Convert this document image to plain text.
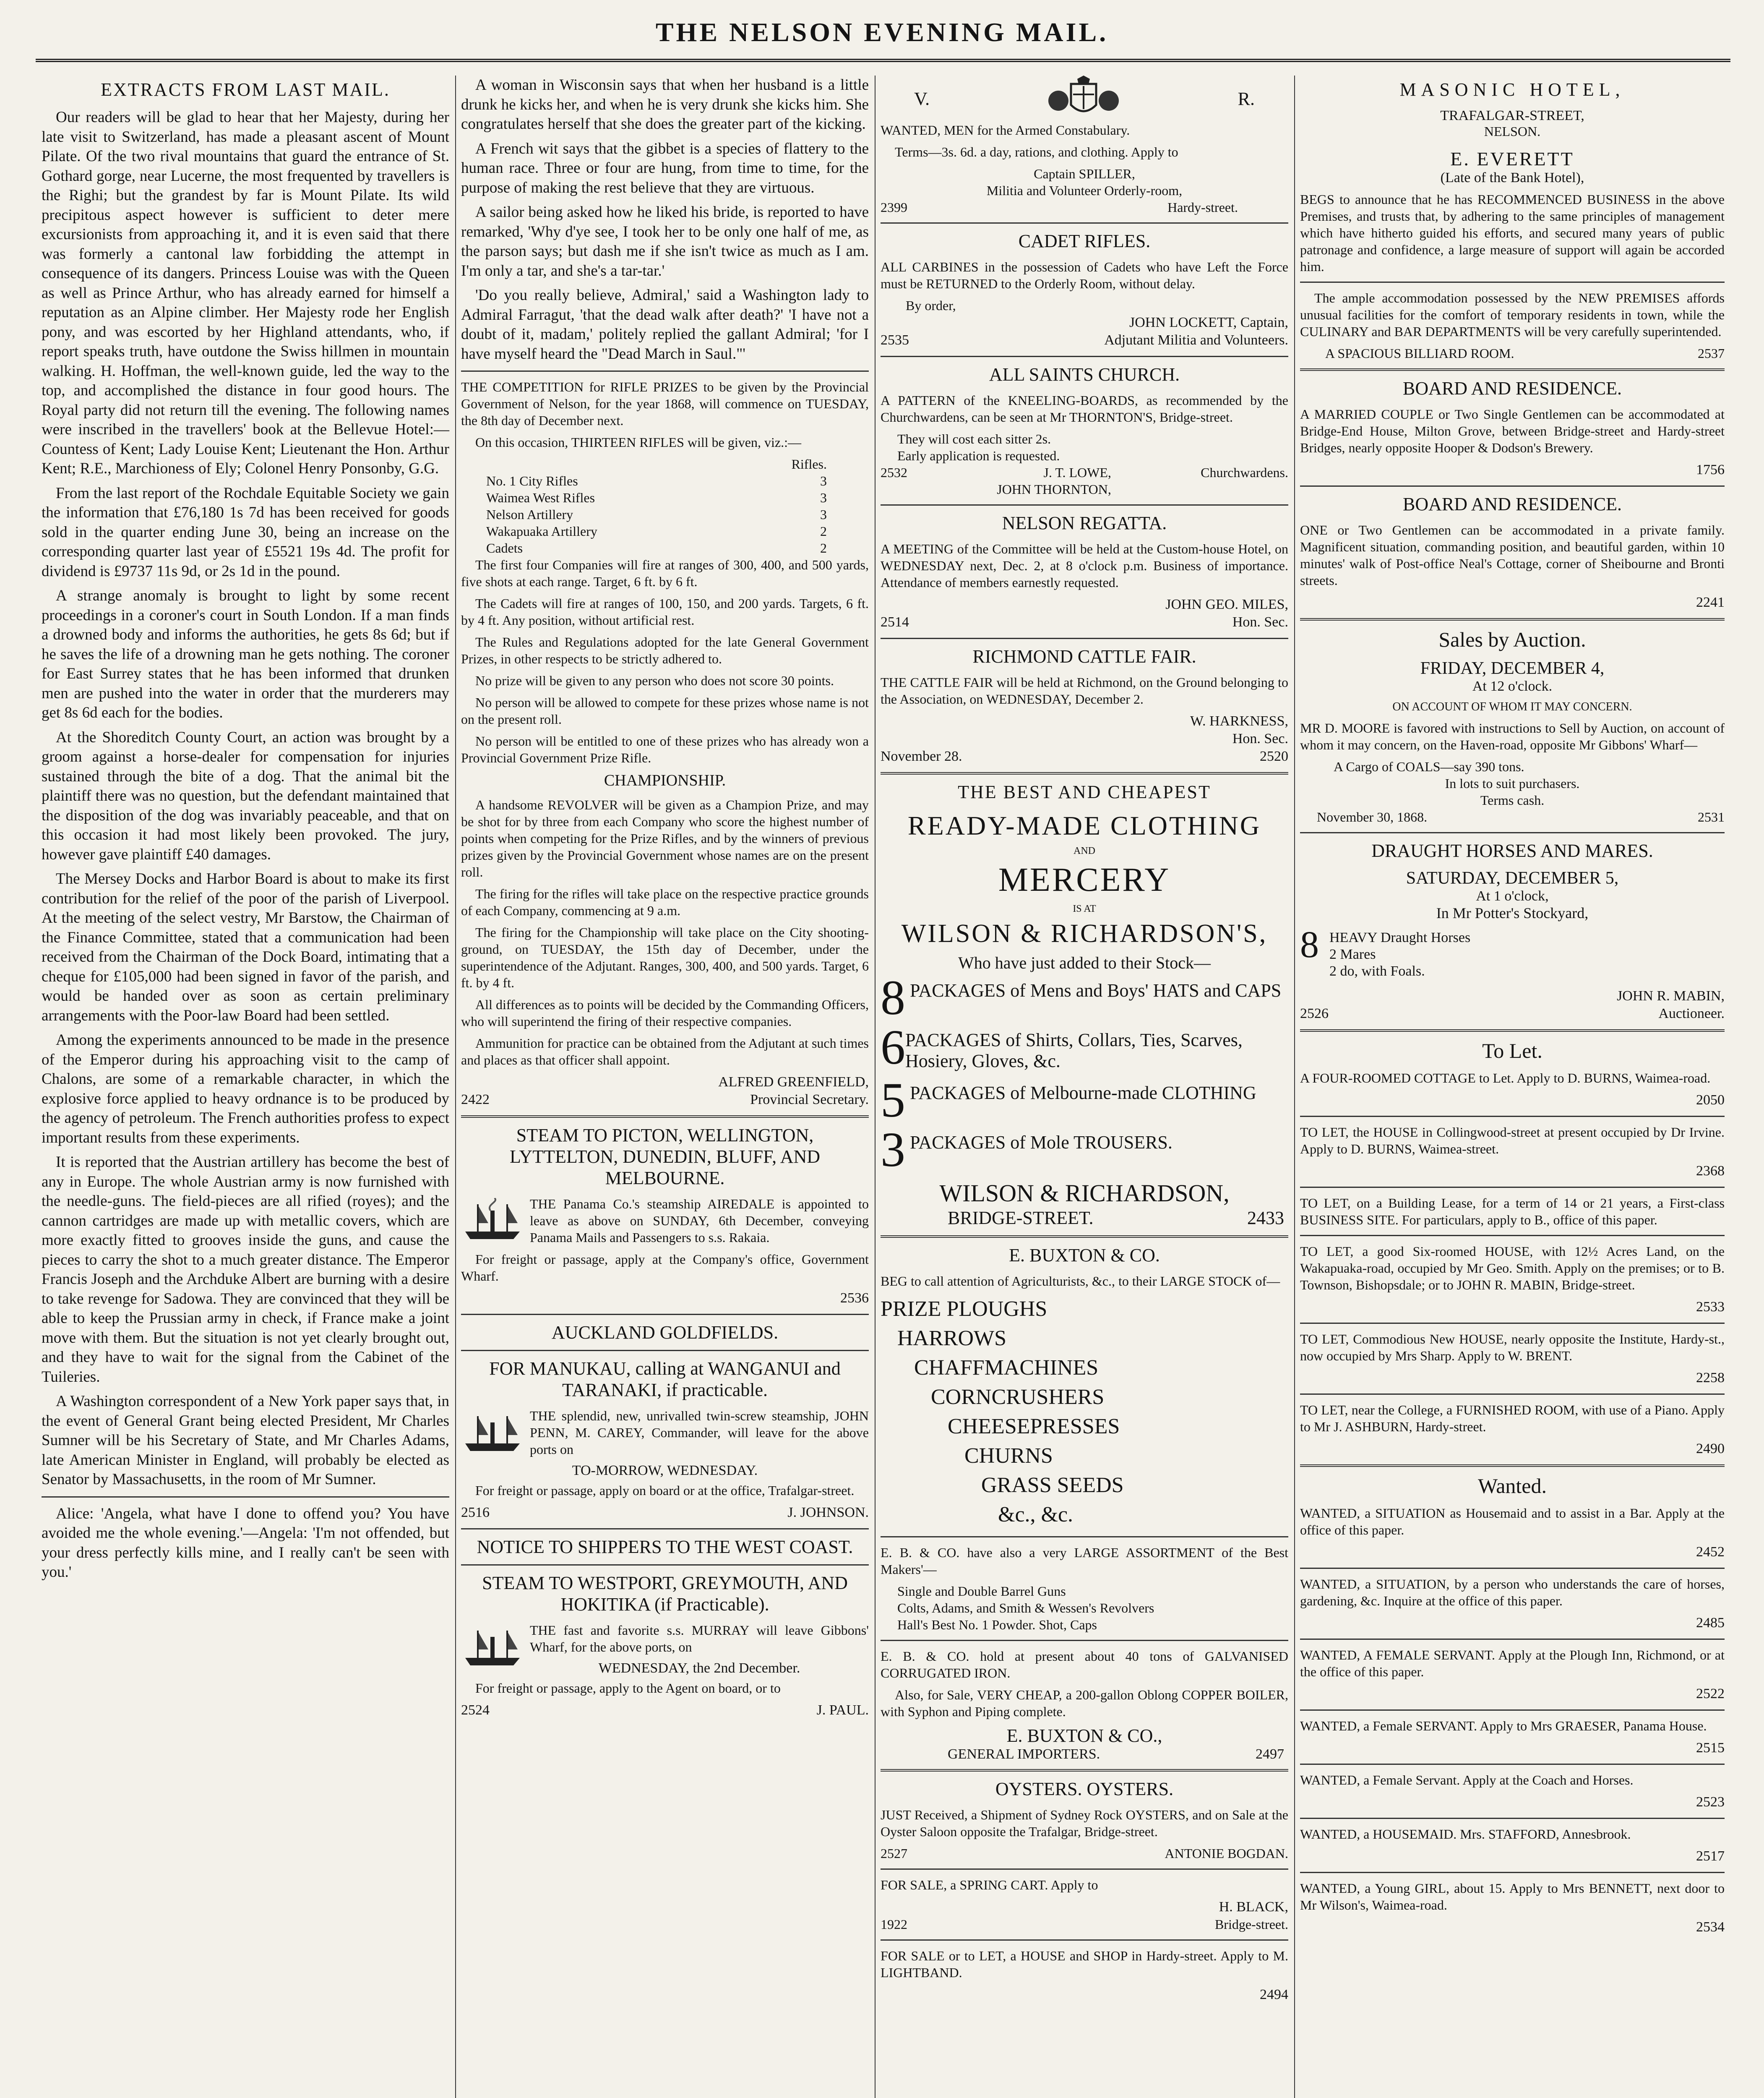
THE NELSON EVENING MAIL.
EXTRACTS FROM LAST MAIL.

Our readers will be glad to hear that her Majesty, during her late visit to Switzerland, has made a pleasant ascent of Mount Pilate. Of the two rival mountains that guard the entrance of St. Gothard gorge, near Lucerne, the most frequented by travellers is the Righi; but the grandest by far is Mount Pilate. Its wild precipitous aspect however is sufficient to deter mere excursionists from approaching it, and it is even said that there was formerly a cantonal law forbidding the attempt in consequence of its dangers. Princess Louise was with the Queen as well as Prince Arthur, who has already earned for himself a reputation as an Alpine climber. Her Majesty rode her English pony, and was escorted by her Highland attendants, who, if report speaks truth, have outdone the Swiss hillmen in mountain walking. H. Hoffman, the well-known guide, led the way to the top, and accomplished the distance in four good hours. The Royal party did not return till the evening. The following names were inscribed in the travellers' book at the Bellevue Hotel:—Countess of Kent; Lady Louise Kent; Lieutenant the Hon. Arthur Kent; R.E., Marchioness of Ely; Colonel Henry Ponsonby, G.G.

From the last report of the Rochdale Equitable Society we gain the information that £76,180 1s 7d has been received for goods sold in the quarter ending June 30, being an increase on the corresponding quarter last year of £5521 19s 4d. The profit for dividend is £9737 11s 9d, or 2s 1d in the pound.

A strange anomaly is brought to light by some recent proceedings in a coroner's court in South London. If a man finds a drowned body and informs the authorities, he gets 8s 6d; but if he saves the life of a drowning man he gets nothing. The coroner for East Surrey states that he has been informed that drunken men are pushed into the water in order that the murderers may get 8s 6d each for the bodies.

At the Shoreditch County Court, an action was brought by a groom against a horse-dealer for compensation for injuries sustained through the bite of a dog. That the animal bit the plaintiff there was no question, but the defendant maintained that the disposition of the dog was invariably peaceable, and that on this occasion it had most likely been provoked. The jury, however gave plaintiff £40 damages.

The Mersey Docks and Harbor Board is about to make its first contribution for the relief of the poor of the parish of Liverpool. At the meeting of the select vestry, Mr Barstow, the Chairman of the Finance Committee, stated that a communication had been received from the Chairman of the Dock Board, intimating that a cheque for £105,000 had been signed in favor of the parish, and would be handed over as soon as certain preliminary arrangements with the Poor-law Board had been settled.

Among the experiments announced to be made in the presence of the Emperor during his approaching visit to the camp of Chalons, are some of a remarkable character, in which the explosive force applied to heavy ordnance is to be produced by the agency of petroleum. The French authorities profess to expect important results from these experiments.

It is reported that the Austrian artillery has become the best of any in Europe. The whole Austrian army is now furnished with the needle-guns. The field-pieces are all rified (royes); and the cannon cartridges are made up with metallic covers, which are more exactly fitted to grooves inside the guns, and cause the pieces to carry the shot to a much greater distance. The Emperor Francis Joseph and the Archduke Albert are burning with a desire to take revenge for Sadowa. They are convinced that they will be able to keep the Prussian army in check, if France make a joint move with them. But the situation is not yet clearly brought out, and they have to wait for the signal from the Cabinet of the Tuileries.

A Washington correspondent of a New York paper says that, in the event of General Grant being elected President, Mr Charles Sumner will be his Secretary of State, and Mr Charles Adams, late American Minister in England, will probably be elected as Senator by Massachusetts, in the room of Mr Sumner.

Alice: 'Angela, what have I done to offend you? You have avoided me the whole evening.'—Angela: 'I'm not offended, but your dress perfectly kills mine, and I really can't be seen with you.'

A woman in Wisconsin says that when her husband is a little drunk he kicks her, and when he is very drunk she kicks him. She congratulates herself that she does the greater part of the kicking.

A French wit says that the gibbet is a species of flattery to the human race. Three or four are hung, from time to time, for the purpose of making the rest believe that they are virtuous.

A sailor being asked how he liked his bride, is reported to have remarked, 'Why d'ye see, I took her to be only one half of me, as the parson says; but dash me if she isn't twice as much as I am. I'm only a tar, and she's a tar-tar.'

'Do you really believe, Admiral,' said a Washington lady to Admiral Farragut, 'that the dead walk after death?' 'I have not a doubt of it, madam,' politely replied the gallant Admiral; 'for I have myself heard the "Dead March in Saul."'

THE COMPETITION for RIFLE PRIZES to be given by the Provincial Government of Nelson, for the year 1868, will commence on TUESDAY, the 8th day of December next.

On this occasion, THIRTEEN RIFLES will be given, viz.:—

	Rifles.
No. 1 City Rifles	3
Waimea West Rifles	3
Nelson Artillery	3
Wakapuaka Artillery	2
Cadets	2

The first four Companies will fire at ranges of 300, 400, and 500 yards, five shots at each range. Target, 6 ft. by 6 ft.

The Cadets will fire at ranges of 100, 150, and 200 yards. Targets, 6 ft. by 4 ft. Any position, without artificial rest.

The Rules and Regulations adopted for the late General Government Prizes, in other respects to be strictly adhered to.

No prize will be given to any person who does not score 30 points.

No person will be allowed to compete for these prizes whose name is not on the present roll.

No person will be entitled to one of these prizes who has already won a Provincial Government Prize Rifle.

CHAMPIONSHIP.

A handsome REVOLVER will be given as a Champion Prize, and may be shot for by three from each Company who score the highest number of points when competing for the Prize Rifles, and by the winners of previous prizes given by the Provincial Government whose names are on the present roll.

The firing for the rifles will take place on the respective practice grounds of each Company, commencing at 9 a.m.

The firing for the Championship will take place on the City shooting-ground, on TUESDAY, the 15th day of December, under the superintendence of the Adjutant. Ranges, 300, 400, and 500 yards. Target, 6 ft. by 4 ft.

All differences as to points will be decided by the Commanding Officers, who will superintend the firing of their respective companies.

Ammunition for practice can be obtained from the Adjutant at such times and places as that officer shall appoint.

ALFRED GREENFIELD,
2422	Provincial Secretary.
STEAM TO PICTON, WELLINGTON, LYTTELTON, DUNEDIN, BLUFF, AND MELBOURNE.

THE Panama Co.'s steamship AIREDALE is appointed to leave as above on SUNDAY, 6th December, conveying Panama Mails and Passengers to s.s. Rakaia.

For freight or passage, apply at the Company's office, Government Wharf.

2536
AUCKLAND GOLDFIELDS.
FOR MANUKAU, calling at WANGANUI and TARANAKI, if practicable.

THE splendid, new, unrivalled twin-screw steamship, JOHN PENN, M. CAREY, Commander, will leave for the above ports on

TO-MORROW, WEDNESDAY.

For freight or passage, apply on board or at the office, Trafalgar-street.

2516	J. JOHNSON.
NOTICE TO SHIPPERS TO THE WEST COAST.
STEAM TO WESTPORT, GREYMOUTH, AND HOKITIKA (if Practicable).

THE fast and favorite s.s. MURRAY will leave Gibbons' Wharf, for the above ports, on

WEDNESDAY, the 2nd December.

For freight or passage, apply to the Agent on board, or to

2524	J. PAUL.
V.	R.

WANTED, MEN for the Armed Constabulary.

Terms—3s. 6d. a day, rations, and clothing. Apply to

Captain SPILLER,
Militia and Volunteer Orderly-room,
2399	Hardy-street.
CADET RIFLES.

ALL CARBINES in the possession of Cadets who have Left the Force must be RETURNED to the Orderly Room, without delay.

By order,
JOHN LOCKETT, Captain,
2535	Adjutant Militia and Volunteers.
ALL SAINTS CHURCH.

A PATTERN of the KNEELING-BOARDS, as recommended by the Churchwardens, can be seen at Mr THORNTON'S, Bridge-street.

They will cost each sitter 2s.
Early application is requested.
2532	J. T. LOWE,
JOHN THORNTON,
Churchwardens.
NELSON REGATTA.

A MEETING of the Committee will be held at the Custom-house Hotel, on WEDNESDAY next, Dec. 2, at 8 o'clock p.m. Business of importance. Attendance of members earnestly requested.

JOHN GEO. MILES,
2514	Hon. Sec.
RICHMOND CATTLE FAIR.

THE CATTLE FAIR will be held at Richmond, on the Ground belonging to the Association, on WEDNESDAY, December 2.

W. HARKNESS,
Hon. Sec.
November 28.	2520
THE BEST AND CHEAPEST
READY-MADE CLOTHING
AND
MERCERY
IS AT
WILSON & RICHARDSON'S,
Who have just added to their Stock—
8 PACKAGES of Mens and Boys' HATS and CAPS
6 PACKAGES of Shirts, Collars, Ties, Scarves, Hosiery, Gloves, &c.
5 PACKAGES of Melbourne-made CLOTHING
3 PACKAGES of Mole TROUSERS.
WILSON & RICHARDSON,
BRIDGE-STREET.	2433
E. BUXTON & CO.

BEG to call attention of Agriculturists, &c., to their LARGE STOCK of—

PRIZE PLOUGHS
HARROWS
CHAFFMACHINES
CORNCRUSHERS
CHEESEPRESSES
CHURNS
GRASS SEEDS
&c., &c.

E. B. & CO. have also a very LARGE ASSORTMENT of the Best Makers'—

Single and Double Barrel Guns
Colts, Adams, and Smith & Wessen's Revolvers
Hall's Best No. 1 Powder. Shot, Caps

E. B. & CO. hold at present about 40 tons of GALVANISED CORRUGATED IRON.

Also, for Sale, VERY CHEAP, a 200-gallon Oblong COPPER BOILER, with Syphon and Piping complete.

E. BUXTON & CO.,
GENERAL IMPORTERS.	2497
OYSTERS. OYSTERS.

JUST Received, a Shipment of Sydney Rock OYSTERS, and on Sale at the Oyster Saloon opposite the Trafalgar, Bridge-street.

2527	ANTONIE BOGDAN.

FOR SALE, a SPRING CART. Apply to

H. BLACK,
1922	Bridge-street.

FOR SALE or to LET, a HOUSE and SHOP in Hardy-street. Apply to M. LIGHTBAND.

2494
MASONIC HOTEL,
TRAFALGAR-STREET,
NELSON.
E. EVERETT
(Late of the Bank Hotel),

BEGS to announce that he has RECOMMENCED BUSINESS in the above Premises, and trusts that, by adhering to the same principles of management which have hitherto guided his efforts, and secured many years of public patronage and confidence, a large measure of support will again be accorded him.

The ample accommodation possessed by the NEW PREMISES affords unusual facilities for the comfort of temporary residents in town, while the CULINARY and BAR DEPARTMENTS will be very carefully superintended.

A SPACIOUS BILLIARD ROOM.	2537
BOARD AND RESIDENCE.

A MARRIED COUPLE or Two Single Gentlemen can be accommodated at Bridge-End House, Milton Grove, between Bridge-street and Hardy-street Bridges, nearly opposite Hooper & Dodson's Brewery.

1756
BOARD AND RESIDENCE.

ONE or Two Gentlemen can be accommodated in a private family. Magnificent situation, commanding position, and beautiful garden, within 10 minutes' walk of Post-office Neal's Cottage, corner of Sheibourne and Bronti streets.

2241
Sales by Auction.
FRIDAY, DECEMBER 4,
At 12 o'clock.
ON ACCOUNT OF WHOM IT MAY CONCERN.

MR D. MOORE is favored with instructions to Sell by Auction, on account of whom it may concern, on the Haven-road, opposite Mr Gibbons' Wharf—

A Cargo of COALS—say 390 tons.
In lots to suit purchasers.
Terms cash.
November 30, 1868.	2531
DRAUGHT HORSES AND MARES.
SATURDAY, DECEMBER 5,
At 1 o'clock,
In Mr Potter's Stockyard,
8 HEAVY Draught Horses
2 Mares
2 do, with Foals.
JOHN R. MABIN,
2526	Auctioneer.
To Let.

A FOUR-ROOMED COTTAGE to Let. Apply to D. BURNS, Waimea-road.

2050

TO LET, the HOUSE in Collingwood-street at present occupied by Dr Irvine. Apply to D. BURNS, Waimea-street.

2368

TO LET, on a Building Lease, for a term of 14 or 21 years, a First-class BUSINESS SITE. For particulars, apply to B., office of this paper.

TO LET, a good Six-roomed HOUSE, with 12½ Acres Land, on the Wakapuaka-road, occupied by Mr Geo. Smith. Apply on the premises; or to B. Townson, Bishopsdale; or to JOHN R. MABIN, Bridge-street.

2533

TO LET, Commodious New HOUSE, nearly opposite the Institute, Hardy-st., now occupied by Mrs Sharp. Apply to W. BRENT.

2258

TO LET, near the College, a FURNISHED ROOM, with use of a Piano. Apply to Mr J. ASHBURN, Hardy-street.

2490
Wanted.

WANTED, a SITUATION as Housemaid and to assist in a Bar. Apply at the office of this paper.

2452

WANTED, a SITUATION, by a person who understands the care of horses, gardening, &c. Inquire at the office of this paper.

2485

WANTED, A FEMALE SERVANT. Apply at the Plough Inn, Richmond, or at the office of this paper.

2522

WANTED, a Female SERVANT. Apply to Mrs GRAESER, Panama House.

2515

WANTED, a Female Servant. Apply at the Coach and Horses.

2523

WANTED, a HOUSEMAID. Mrs. STAFFORD, Annesbrook.

2517

WANTED, a Young GIRL, about 15. Apply to Mrs BENNETT, next door to Mr Wilson's, Waimea-road.

2534
